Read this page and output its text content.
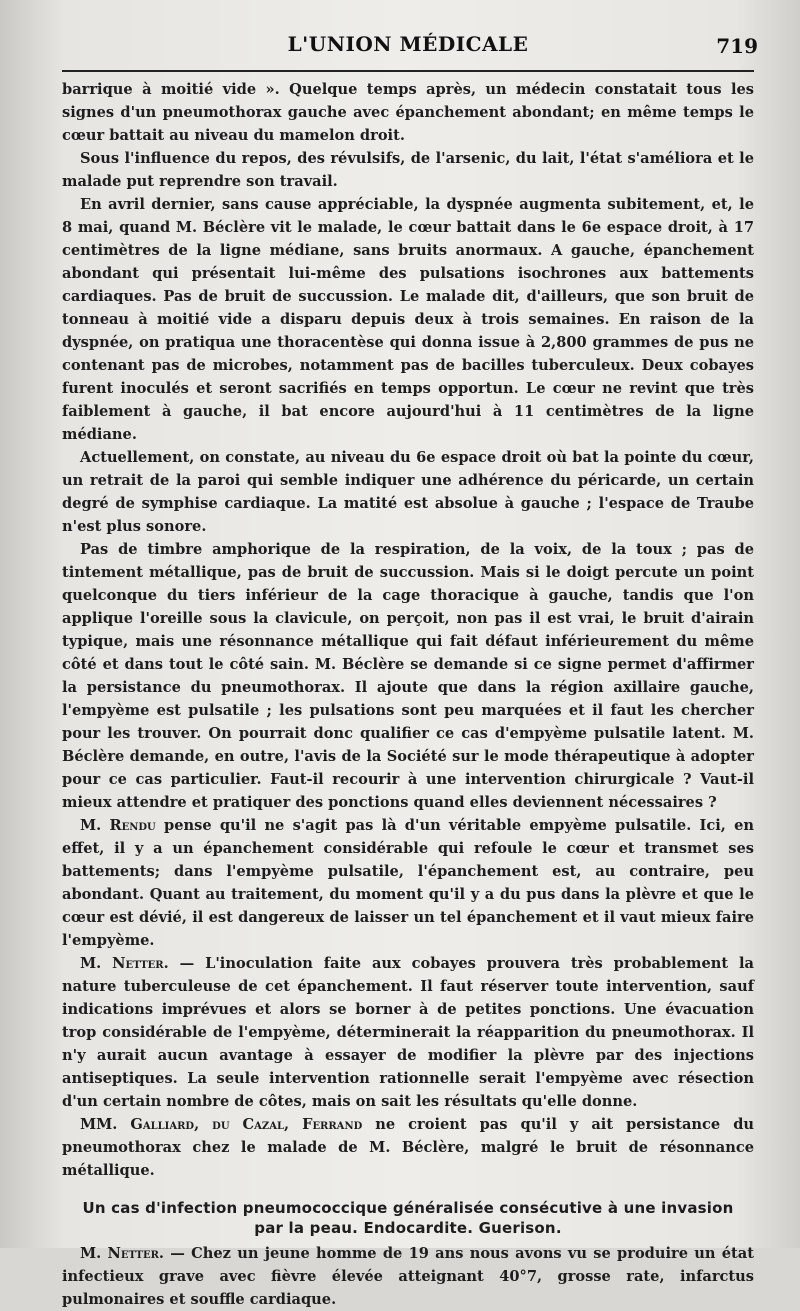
L'UNION MÉDICALE	719

barrique à moitié vide ». Quelque temps après, un médecin constatait tous les signes d'un pneumothorax gauche avec épanchement abondant; en même temps le cœur battait au niveau du mamelon droit.

Sous l'influence du repos, des révulsifs, de l'arsenic, du lait, l'état s'améliora et le malade put reprendre son travail.

En avril dernier, sans cause appréciable, la dyspnée augmenta subitement, et, le 8 mai, quand M. Béclère vit le malade, le cœur battait dans le 6e espace droit, à 17 centimètres de la ligne médiane, sans bruits anormaux. A gauche, épanchement abondant qui présentait lui-même des pulsations isochrones aux battements cardiaques. Pas de bruit de succussion. Le malade dit, d'ailleurs, que son bruit de tonneau à moitié vide a disparu depuis deux à trois semaines. En raison de la dyspnée, on pratiqua une thoracentèse qui donna issue à 2,800 grammes de pus ne contenant pas de microbes, notamment pas de bacilles tuberculeux. Deux cobayes furent inoculés et seront sacrifiés en temps opportun. Le cœur ne revint que très faiblement à gauche, il bat encore aujourd'hui à 11 centimètres de la ligne médiane.

Actuellement, on constate, au niveau du 6e espace droit où bat la pointe du cœur, un retrait de la paroi qui semble indiquer une adhérence du péricarde, un certain degré de symphise cardiaque. La matité est absolue à gauche ; l'espace de Traube n'est plus sonore.

Pas de timbre amphorique de la respiration, de la voix, de la toux ; pas de tintement métallique, pas de bruit de succussion. Mais si le doigt percute un point quelconque du tiers inférieur de la cage thoracique à gauche, tandis que l'on applique l'oreille sous la clavicule, on perçoit, non pas il est vrai, le bruit d'airain typique, mais une résonnance métallique qui fait défaut inférieurement du même côté et dans tout le côté sain. M. Béclère se demande si ce signe permet d'affirmer la persistance du pneumothorax. Il ajoute que dans la région axillaire gauche, l'empyème est pulsatile ; les pulsations sont peu marquées et il faut les chercher pour les trouver. On pourrait donc qualifier ce cas d'empyème pulsatile latent. M. Béclère demande, en outre, l'avis de la Société sur le mode thérapeutique à adopter pour ce cas particulier. Faut-il recourir à une intervention chirurgicale ? Vaut-il mieux attendre et pratiquer des ponctions quand elles deviennent nécessaires ?

M. Rendu pense qu'il ne s'agit pas là d'un véritable empyème pulsatile. Ici, en effet, il y a un épanchement considérable qui refoule le cœur et transmet ses battements; dans l'empyème pulsatile, l'épanchement est, au contraire, peu abondant. Quant au traitement, du moment qu'il y a du pus dans la plèvre et que le cœur est dévié, il est dangereux de laisser un tel épanchement et il vaut mieux faire l'empyème.

M. Netter. — L'inoculation faite aux cobayes prouvera très probablement la nature tuberculeuse de cet épanchement. Il faut réserver toute intervention, sauf indications imprévues et alors se borner à de petites ponctions. Une évacuation trop considérable de l'empyème, déterminerait la réapparition du pneumothorax. Il n'y aurait aucun avantage à essayer de modifier la plèvre par des injections antiseptiques. La seule intervention rationnelle serait l'empyème avec résection d'un certain nombre de côtes, mais on sait les résultats qu'elle donne.

MM. Galliard, du Cazal, Ferrand ne croient pas qu'il y ait persistance du pneumothorax chez le malade de M. Béclère, malgré le bruit de résonnance métallique.

Un cas d'infection pneumococcique généralisée consécutive à une invasion
par la peau. Endocardite. Guerison.

M. Netter. — Chez un jeune homme de 19 ans nous avons vu se produire un état infectieux grave avec fièvre élevée atteignant 40°7, grosse rate, infarctus pulmonaires et souffle cardiaque.
